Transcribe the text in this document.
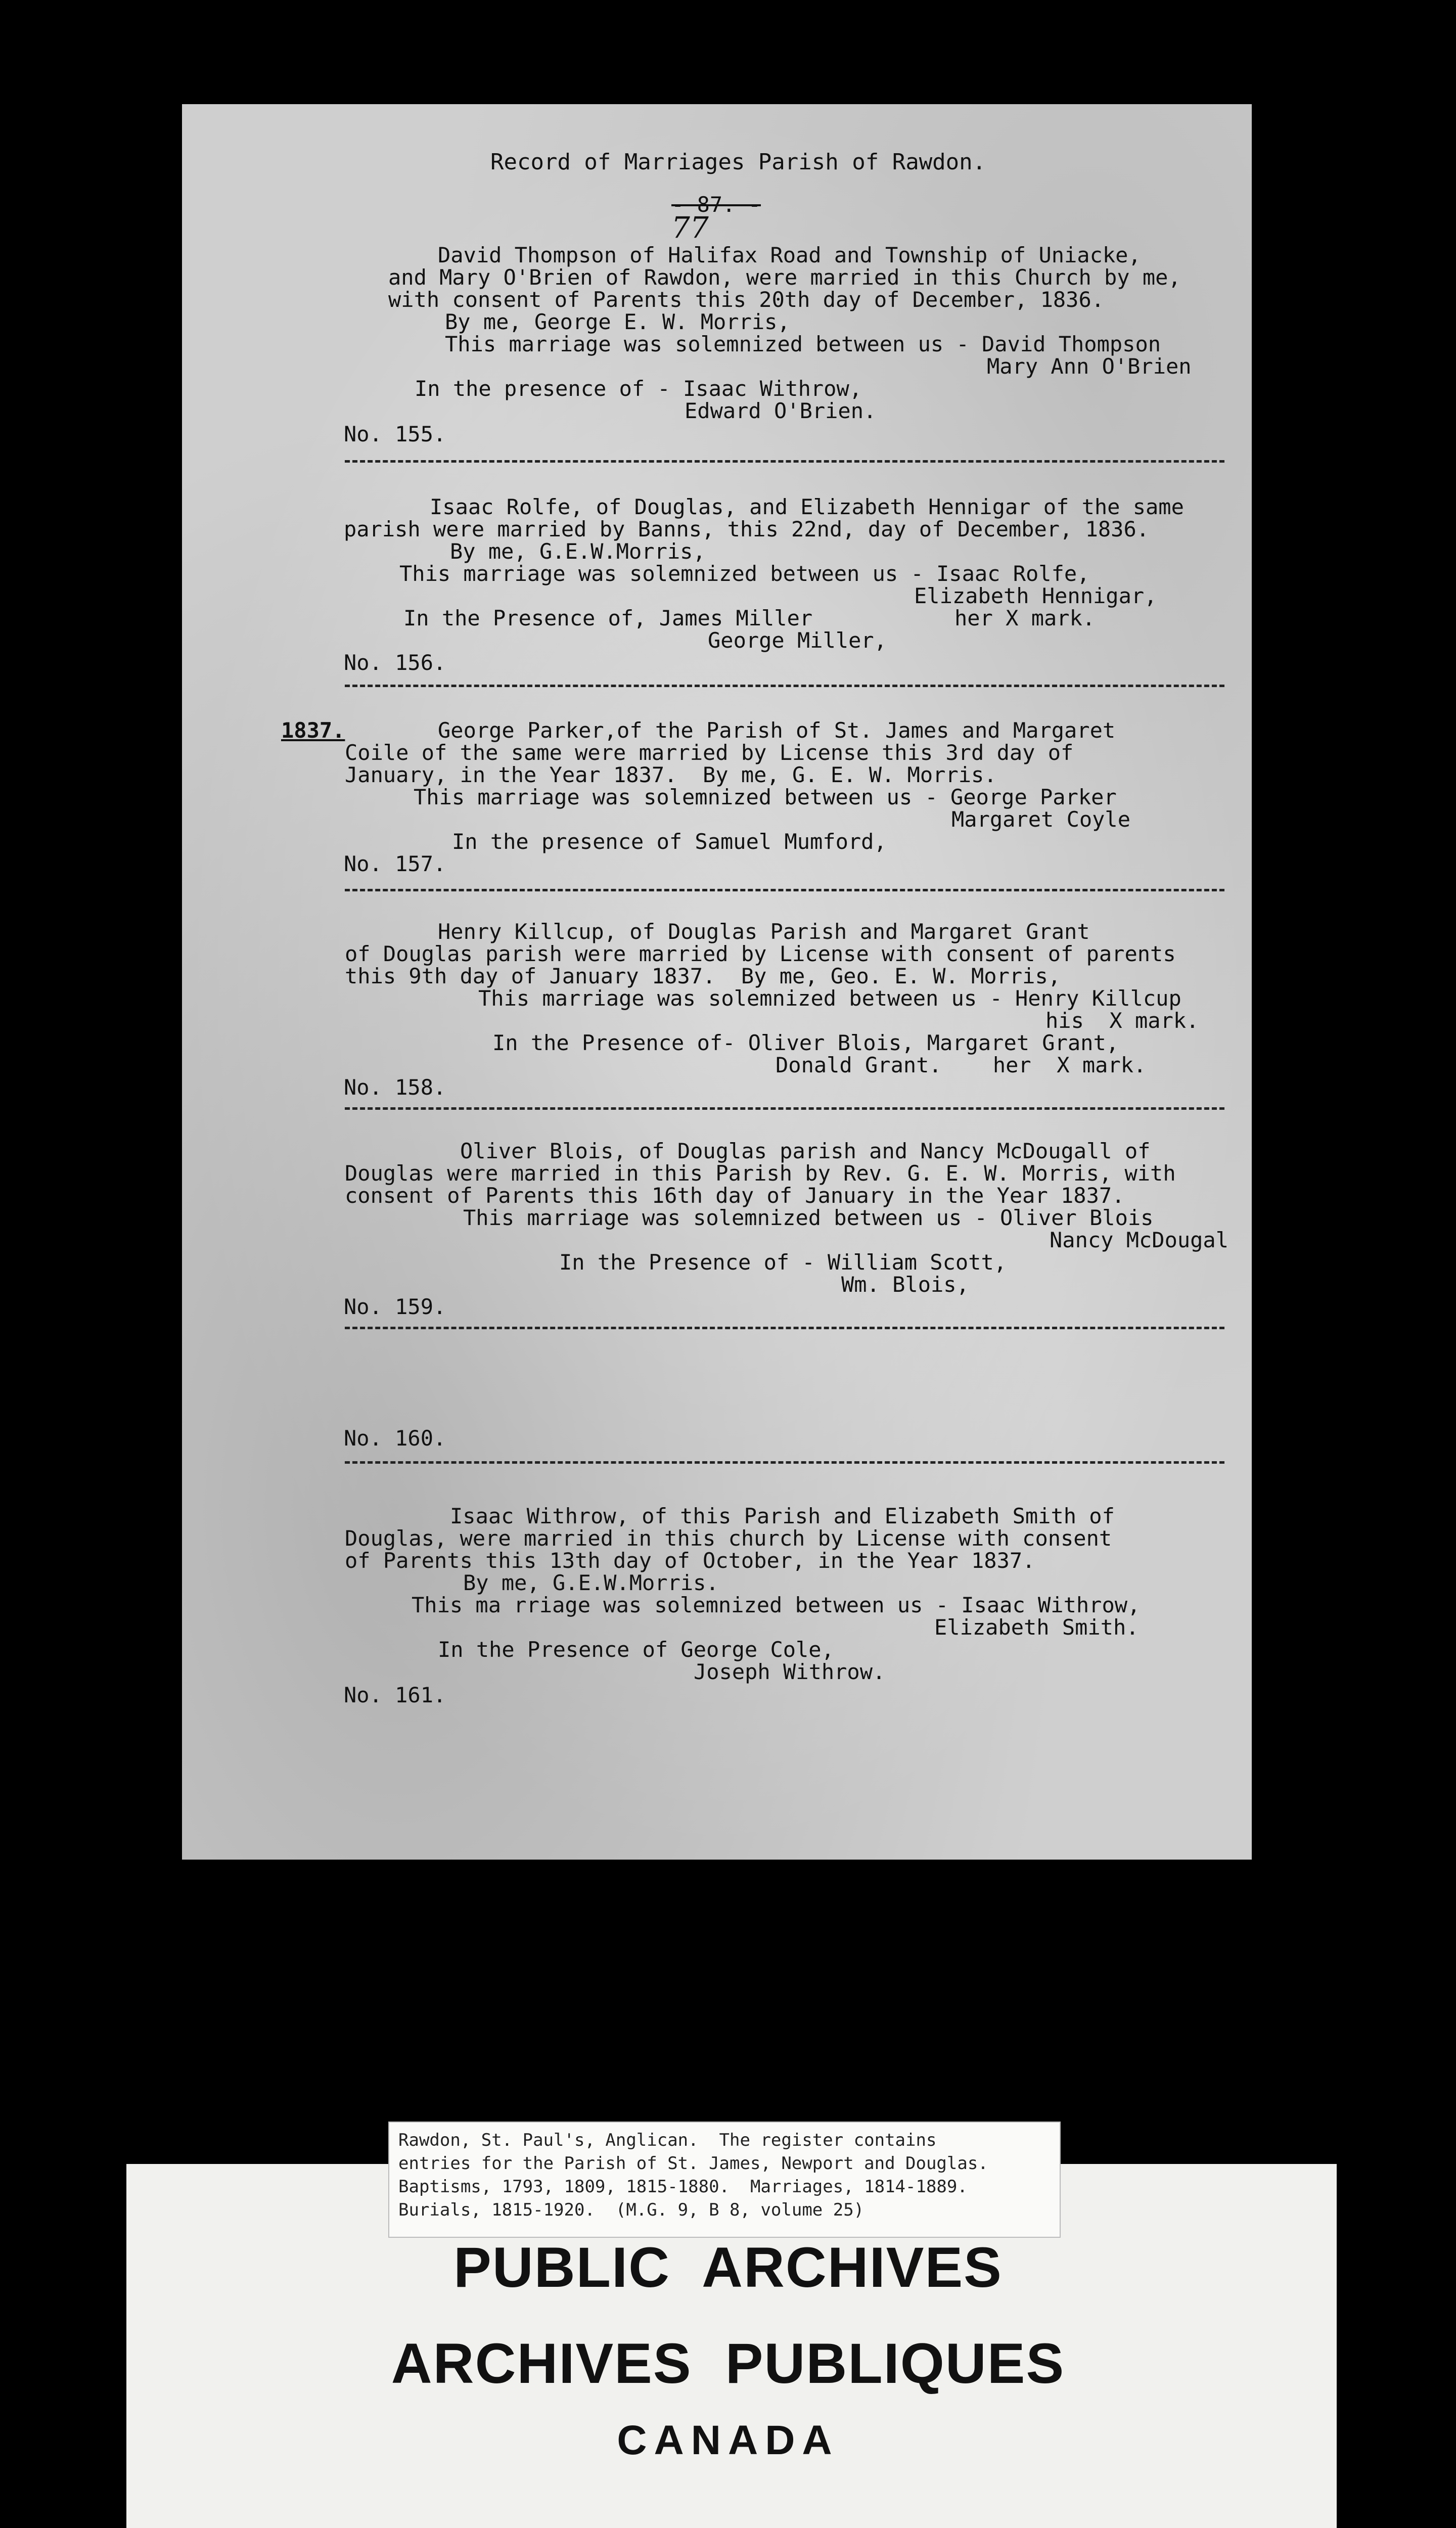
Record of Marriages Parish of Rawdon.
- 87. -
77
David Thompson of Halifax Road and Township of Uniacke,
and Mary O'Brien of Rawdon, were married in this Church by me,
with consent of Parents this 20th day of December, 1836.
By me, George E. W. Morris,
This marriage was solemnized between us - David Thompson
Mary Ann O'Brien
In the presence of - Isaac Withrow,
Edward O'Brien.
No. 155.
Isaac Rolfe, of Douglas, and Elizabeth Hennigar of the same
parish were married by Banns, this 22nd, day of December, 1836.
By me, G.E.W.Morris,
This marriage was solemnized between us - Isaac Rolfe,
Elizabeth Hennigar,
In the Presence of, James Miller	her X mark.
George Miller,
No. 156.
1837.	George Parker,of the Parish of St. James and Margaret
Coile of the same were married by License this 3rd day of
January, in the Year 1837.  By me, G. E. W. Morris.
This marriage was solemnized between us - George Parker
Margaret Coyle
In the presence of Samuel Mumford,
No. 157.
Henry Killcup, of Douglas Parish and Margaret Grant
of Douglas parish were married by License with consent of parents
this 9th day of January 1837.  By me, Geo. E. W. Morris,
This marriage was solemnized between us - Henry Killcup
his  X mark.
In the Presence of- Oliver Blois, Margaret Grant,
Donald Grant.    her  X mark.
No. 158.
Oliver Blois, of Douglas parish and Nancy McDougall of
Douglas were married in this Parish by Rev. G. E. W. Morris, with
consent of Parents this 16th day of January in the Year 1837.
This marriage was solemnized between us - Oliver Blois
Nancy McDougal
In the Presence of - William Scott,
Wm. Blois,
No. 159.
No. 160.
Isaac Withrow, of this Parish and Elizabeth Smith of
Douglas, were married in this church by License with consent
of Parents this 13th day of October, in the Year 1837.
By me, G.E.W.Morris.
This ma rriage was solemnized between us - Isaac Withrow,
Elizabeth Smith.
In the Presence of George Cole,
Joseph Withrow.
No. 161.
Rawdon, St. Paul's, Anglican.  The register contains
entries for the Parish of St. James, Newport and Douglas.
Baptisms, 1793, 1809, 1815-1880.  Marriages, 1814-1889.
Burials, 1815-1920.  (M.G. 9, B 8, volume 25)
PUBLIC  ARCHIVES
ARCHIVES  PUBLIQUES
CANADA
